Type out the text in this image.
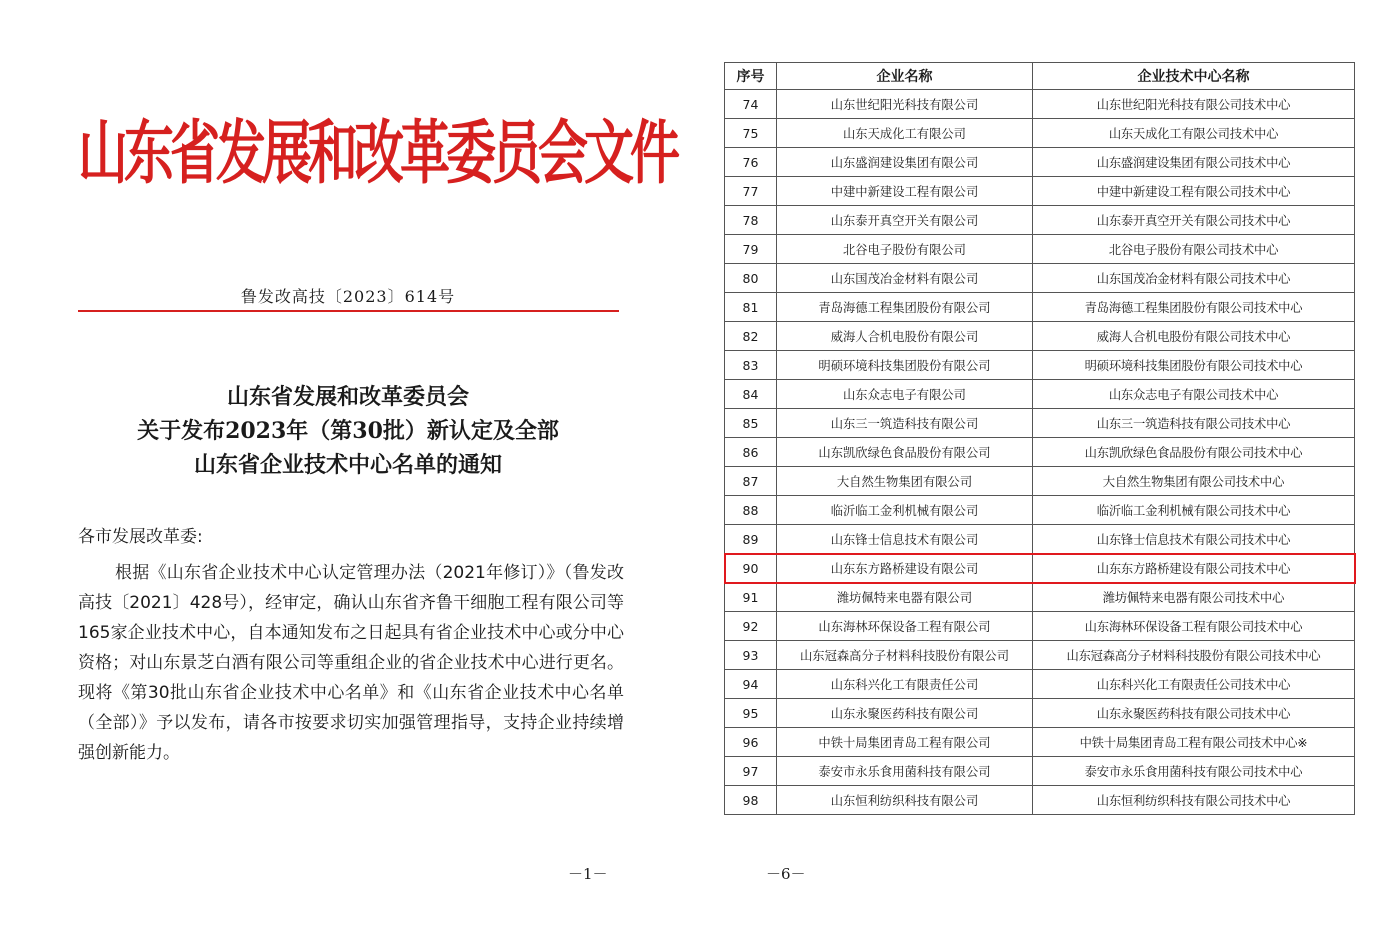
山东省发展和改革委员会文件
鲁发改高技〔2023〕614号
山东省发展和改革委员会
关于发布2023年（第30批）新认定及全部
山东省企业技术中心名单的通知

各市发展改革委:

根据《山东省企业技术中心认定管理办法（2021年修订）》（鲁发改高技〔2021〕428号），经审定，确认山东省齐鲁干细胞工程有限公司等165家企业技术中心，自本通知发布之日起具有省企业技术中心或分中心资格；对山东景芝白酒有限公司等重组企业的省企业技术中心进行更名。现将《第30批山东省企业技术中心名单》和《山东省企业技术中心名单（全部）》予以发布，请各市按要求切实加强管理指导，支持企业持续增强创新能力。

－1－
序号	企业名称	企业技术中心名称
74	山东世纪阳光科技有限公司	山东世纪阳光科技有限公司技术中心
75	山东天成化工有限公司	山东天成化工有限公司技术中心
76	山东盛润建设集团有限公司	山东盛润建设集团有限公司技术中心
77	中建中新建设工程有限公司	中建中新建设工程有限公司技术中心
78	山东泰开真空开关有限公司	山东泰开真空开关有限公司技术中心
79	北谷电子股份有限公司	北谷电子股份有限公司技术中心
80	山东国茂冶金材料有限公司	山东国茂冶金材料有限公司技术中心
81	青岛海德工程集团股份有限公司	青岛海德工程集团股份有限公司技术中心
82	威海人合机电股份有限公司	威海人合机电股份有限公司技术中心
83	明硕环境科技集团股份有限公司	明硕环境科技集团股份有限公司技术中心
84	山东众志电子有限公司	山东众志电子有限公司技术中心
85	山东三一筑造科技有限公司	山东三一筑造科技有限公司技术中心
86	山东凯欣绿色食品股份有限公司	山东凯欣绿色食品股份有限公司技术中心
87	大自然生物集团有限公司	大自然生物集团有限公司技术中心
88	临沂临工金利机械有限公司	临沂临工金利机械有限公司技术中心
89	山东锋士信息技术有限公司	山东锋士信息技术有限公司技术中心
90	山东东方路桥建设有限公司	山东东方路桥建设有限公司技术中心
91	潍坊佩特来电器有限公司	潍坊佩特来电器有限公司技术中心
92	山东海林环保设备工程有限公司	山东海林环保设备工程有限公司技术中心
93	山东冠森高分子材料科技股份有限公司	山东冠森高分子材料科技股份有限公司技术中心
94	山东科兴化工有限责任公司	山东科兴化工有限责任公司技术中心
95	山东永聚医药科技有限公司	山东永聚医药科技有限公司技术中心
96	中铁十局集团青岛工程有限公司	中铁十局集团青岛工程有限公司技术中心※
97	泰安市永乐食用菌科技有限公司	泰安市永乐食用菌科技有限公司技术中心
98	山东恒利纺织科技有限公司	山东恒利纺织科技有限公司技术中心
－6－
